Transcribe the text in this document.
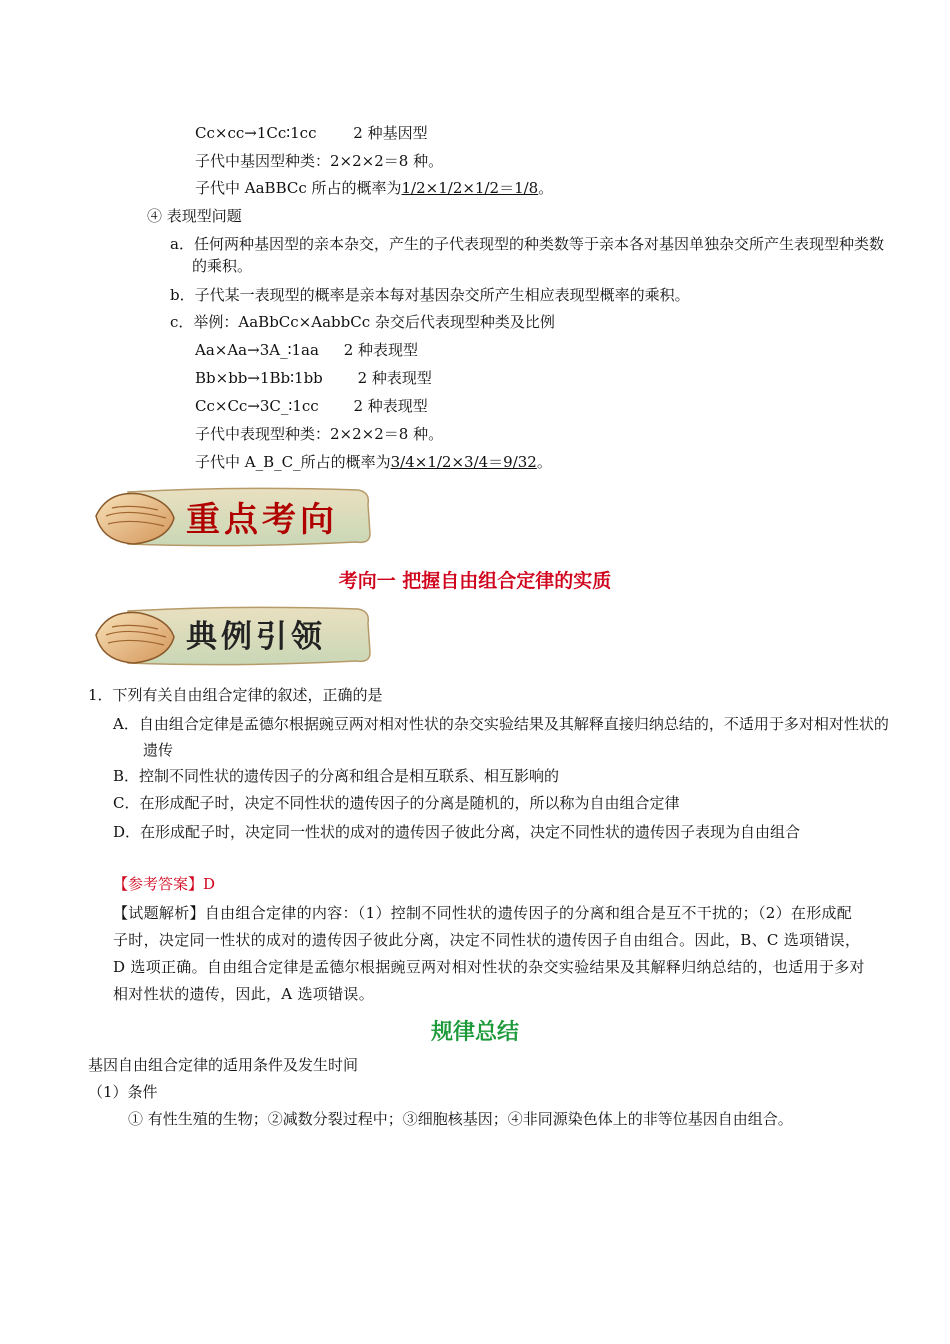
Cc×cc→1Cc∶1cc 2 种基因型
子代中基因型种类：2×2×2＝8 种。
子代中 AaBBCc 所占的概率为1/2×1/2×1/2＝1/8。
④ 表现型问题
a．任何两种基因型的亲本杂交，产生的子代表现型的种类数等于亲本各对基因单独杂交所产生表现型种类数的乘积。
b．子代某一表现型的概率是亲本每对基因杂交所产生相应表现型概率的乘积。
c．举例：AaBbCc×AabbCc 杂交后代表现型种类及比例
Aa×Aa→3A_∶1aa 2 种表现型
Bb×bb→1Bb∶1bb 2 种表现型
Cc×Cc→3C_∶1cc 2 种表现型
子代中表现型种类：2×2×2＝8 种。
子代中 A_B_C_所占的概率为3/4×1/2×3/4＝9/32。
重点考向
考向一 把握自由组合定律的实质
典例引领
1．下列有关自由组合定律的叙述，正确的是
A．自由组合定律是孟德尔根据豌豆两对相对性状的杂交实验结果及其解释直接归纳总结的，不适用于多对相对性状的遗传
B．控制不同性状的遗传因子的分离和组合是相互联系、相互影响的
C．在形成配子时，决定不同性状的遗传因子的分离是随机的，所以称为自由组合定律
D．在形成配子时，决定同一性状的成对的遗传因子彼此分离，决定不同性状的遗传因子表现为自由组合
【参考答案】D
【试题解析】自由组合定律的内容：（1）控制不同性状的遗传因子的分离和组合是互不干扰的；（2）在形成配子时，决定同一性状的成对的遗传因子彼此分离，决定不同性状的遗传因子自由组合。因此，B、C 选项错误，D 选项正确。自由组合定律是孟德尔根据豌豆两对相对性状的杂交实验结果及其解释归纳总结的，也适用于多对相对性状的遗传，因此，A 选项错误。
规律总结
基因自由组合定律的适用条件及发生时间
（1）条件
① 有性生殖的生物；②减数分裂过程中；③细胞核基因；④非同源染色体上的非等位基因自由组合。
